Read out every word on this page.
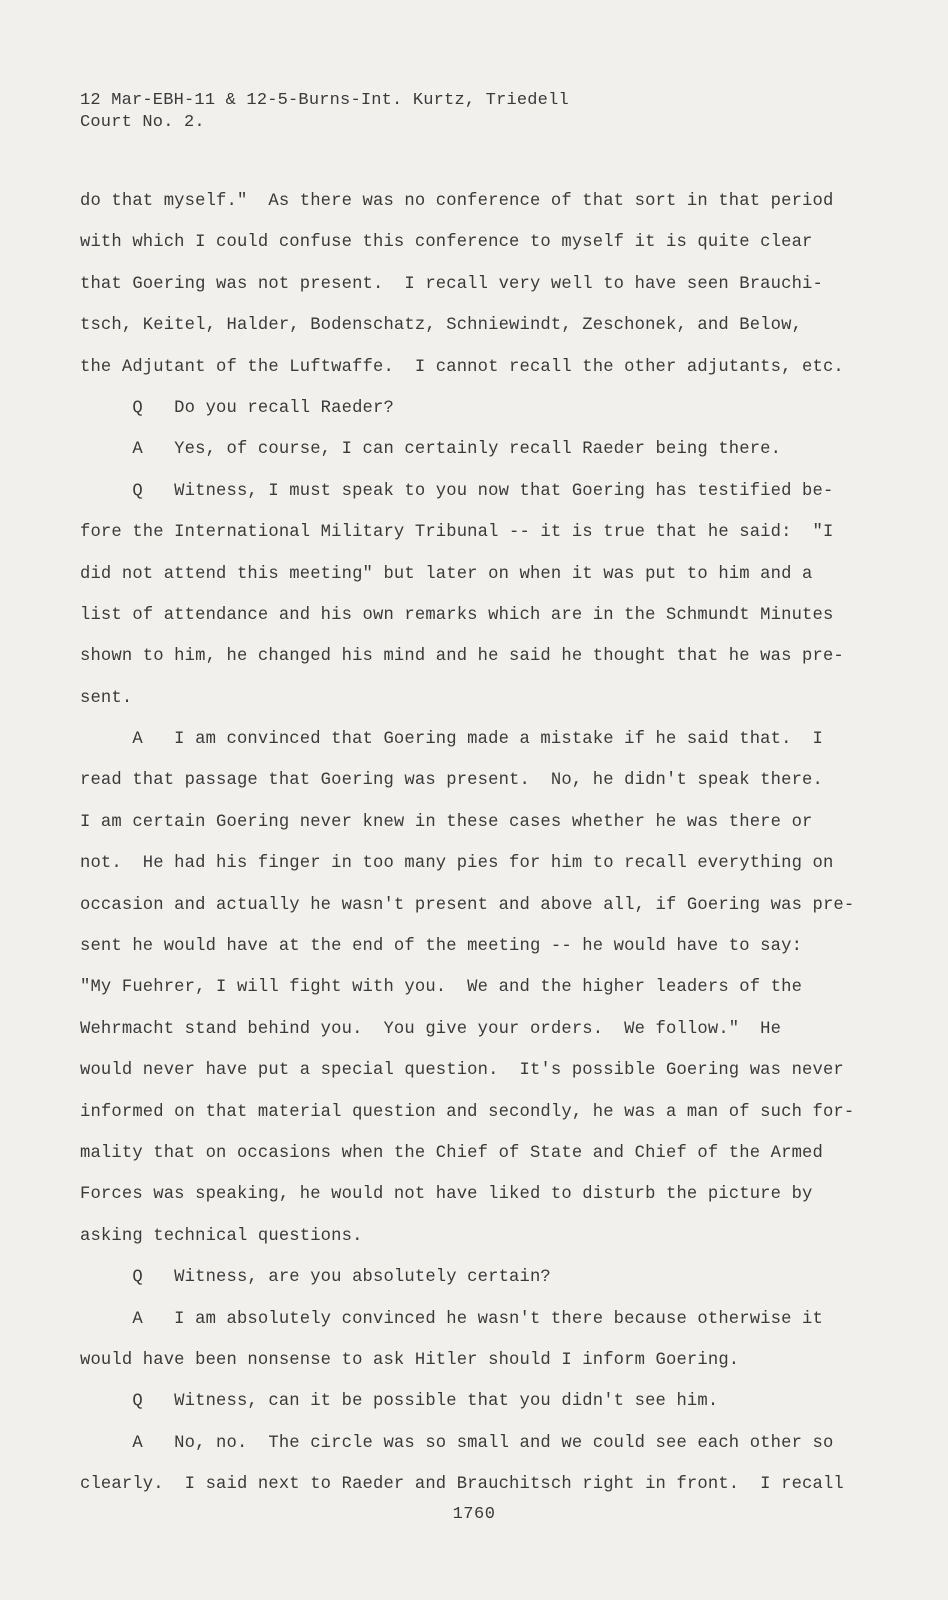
12 Mar-EBH-11 & 12-5-Burns-Int. Kurtz, Triedell
Court No. 2.
do that myself."  As there was no conference of that sort in that period
with which I could confuse this conference to myself it is quite clear
that Goering was not present.  I recall very well to have seen Brauchi-
tsch, Keitel, Halder, Bodenschatz, Schniewindt, Zeschonek, and Below,
the Adjutant of the Luftwaffe.  I cannot recall the other adjutants, etc.
Q   Do you recall Raeder?
A   Yes, of course, I can certainly recall Raeder being there.
Q   Witness, I must speak to you now that Goering has testified be-
fore the International Military Tribunal -- it is true that he said:  "I
did not attend this meeting" but later on when it was put to him and a
list of attendance and his own remarks which are in the Schmundt Minutes
shown to him, he changed his mind and he said he thought that he was pre-
sent.
A   I am convinced that Goering made a mistake if he said that.  I
read that passage that Goering was present.  No, he didn't speak there.
I am certain Goering never knew in these cases whether he was there or
not.  He had his finger in too many pies for him to recall everything on
occasion and actually he wasn't present and above all, if Goering was pre-
sent he would have at the end of the meeting -- he would have to say:
"My Fuehrer, I will fight with you.  We and the higher leaders of the
Wehrmacht stand behind you.  You give your orders.  We follow."  He
would never have put a special question.  It's possible Goering was never
informed on that material question and secondly, he was a man of such for-
mality that on occasions when the Chief of State and Chief of the Armed
Forces was speaking, he would not have liked to disturb the picture by
asking technical questions.
Q   Witness, are you absolutely certain?
A   I am absolutely convinced he wasn't there because otherwise it
would have been nonsense to ask Hitler should I inform Goering.
Q   Witness, can it be possible that you didn't see him.
A   No, no.  The circle was so small and we could see each other so
clearly.  I said next to Raeder and Brauchitsch right in front.  I recall
1760
